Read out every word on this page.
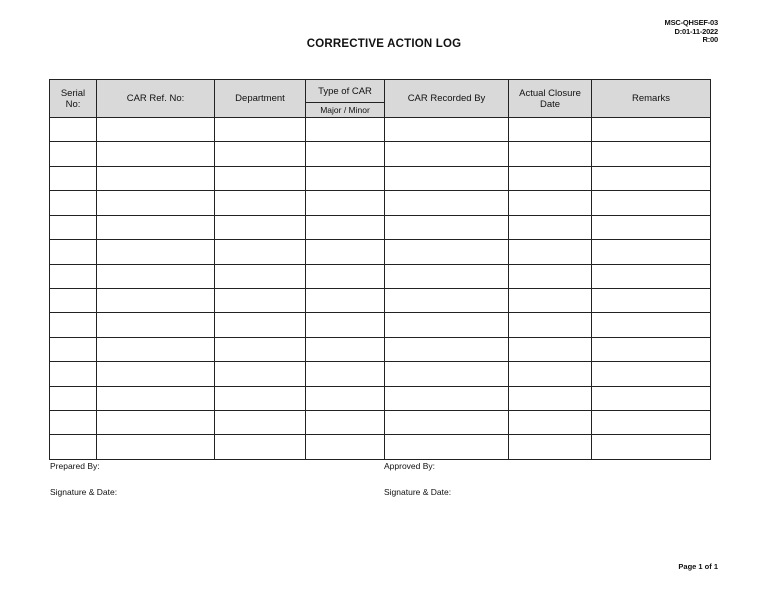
MSC-QHSEF-03
D:01-11-2022
R:00
CORRECTIVE ACTION LOG
Serial No:	CAR Ref. No:	Department	Type of CAR	CAR Recorded By	Actual Closure Date	Remarks
			Major / Minor			

Prepared By:	Approved By:
Signature & Date:	Signature & Date:
Page 1 of 1
